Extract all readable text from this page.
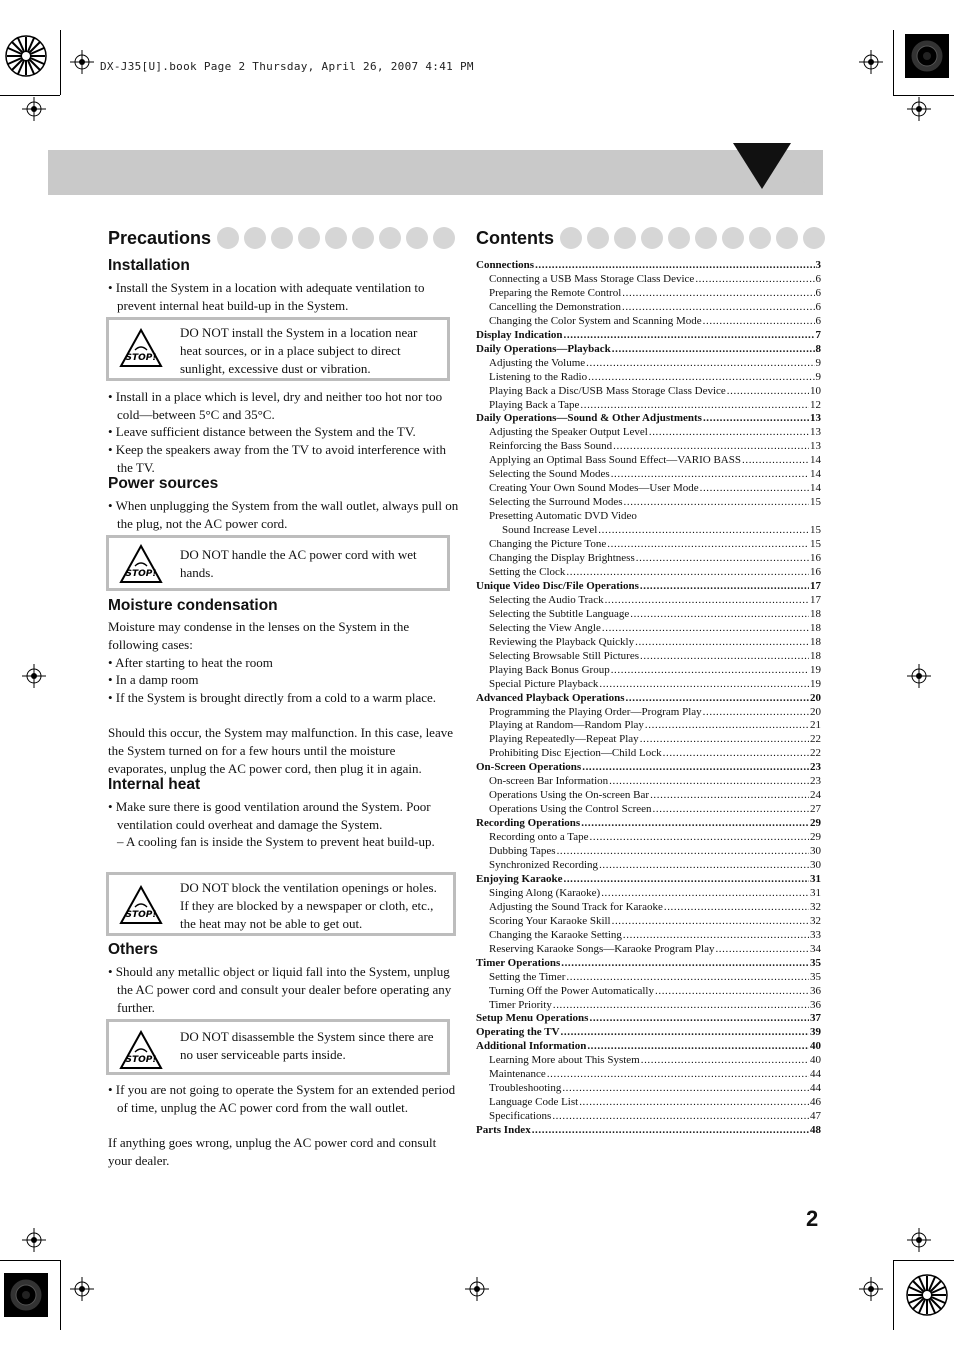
DX-J35[U].book Page 2 Thursday, April 26, 2007 4:41 PM
Precautions
Installation
• Install the System in a location with adequate ventilation to prevent internal heat build-up in the System.
STOP!
DO NOT install the System in a location near heat sources, or in a place subject to direct sunlight, excessive dust or vibration.
• Install in a place which is level, dry and neither too hot nor too cold—between 5°C and 35°C.
• Leave sufficient distance between the System and the TV.
• Keep the speakers away from the TV to avoid interference with the TV.
Power sources
• When unplugging the System from the wall outlet, always pull on the plug, not the AC power cord.
STOP!
DO NOT handle the AC power cord with wet hands.
Moisture condensation
Moisture may condense in the lenses on the System in the following cases:
• After starting to heat the room
• In a damp room
• If the System is brought directly from a cold to a warm place.
Should this occur, the System may malfunction. In this case, leave the System turned on for a few hours until the moisture evaporates, unplug the AC power cord, then plug it in again.
Internal heat
• Make sure there is good ventilation around the System. Poor ventilation could overheat and damage the System.
– A cooling fan is inside the System to prevent heat build-up.
STOP!
DO NOT block the ventilation openings or holes. If they are blocked by a newspaper or cloth, etc., the heat may not be able to get out.
Others
• Should any metallic object or liquid fall into the System, unplug the AC power cord and consult your dealer before operating any further.
STOP!
DO NOT disassemble the System since there are no user serviceable parts inside.
• If you are not going to operate the System for an extended period of time, unplug the AC power cord from the wall outlet.
If anything goes wrong, unplug the AC power cord and consult your dealer.
Contents
Connections .....	3
Connecting a USB Mass Storage Class Device .....	6
Preparing the Remote Control .....	6
Cancelling the Demonstration .....	6
Changing the Color System and Scanning Mode .....	6
Display Indication .....	7
Daily Operations—Playback .....	8
Adjusting the Volume .....	9
Listening to the Radio .....	9
Playing Back a Disc/USB Mass Storage Class Device .....	10
Playing Back a Tape .....	12
Daily Operations—Sound & Other Adjustments .....	13
Adjusting the Speaker Output Level .....	13
Reinforcing the Bass Sound .....	13
Applying an Optimal Bass Sound Effect—VARIO BASS .....	14
Selecting the Sound Modes .....	14
Creating Your Own Sound Modes—User Mode .....	14
Selecting the Surround Modes .....	15
Presetting Automatic DVD Video
Sound Increase Level .....	15
Changing the Picture Tone .....	15
Changing the Display Brightness .....	16
Setting the Clock .....	16
Unique Video Disc/File Operations .....	17
Selecting the Audio Track .....	17
Selecting the Subtitle Language .....	18
Selecting the View Angle .....	18
Reviewing the Playback Quickly .....	18
Selecting Browsable Still Pictures .....	18
Playing Back Bonus Group .....	19
Special Picture Playback .....	19
Advanced Playback Operations .....	20
Programming the Playing Order—Program Play .....	20
Playing at Random—Random Play .....	21
Playing Repeatedly—Repeat Play .....	22
Prohibiting Disc Ejection—Child Lock .....	22
On-Screen Operations .....	23
On-screen Bar Information .....	23
Operations Using the On-screen Bar .....	24
Operations Using the Control Screen .....	27
Recording Operations .....	29
Recording onto a Tape .....	29
Dubbing Tapes .....	30
Synchronized Recording .....	30
Enjoying Karaoke .....	31
Singing Along (Karaoke) .....	31
Adjusting the Sound Track for Karaoke .....	32
Scoring Your Karaoke Skill .....	32
Changing the Karaoke Setting .....	33
Reserving Karaoke Songs—Karaoke Program Play .....	34
Timer Operations .....	35
Setting the Timer .....	35
Turning Off the Power Automatically .....	36
Timer Priority .....	36
Setup Menu Operations .....	37
Operating the TV .....	39
Additional Information .....	40
Learning More about This System .....	40
Maintenance .....	44
Troubleshooting .....	44
Language Code List .....	46
Specifications .....	47
Parts Index .....	48
2
